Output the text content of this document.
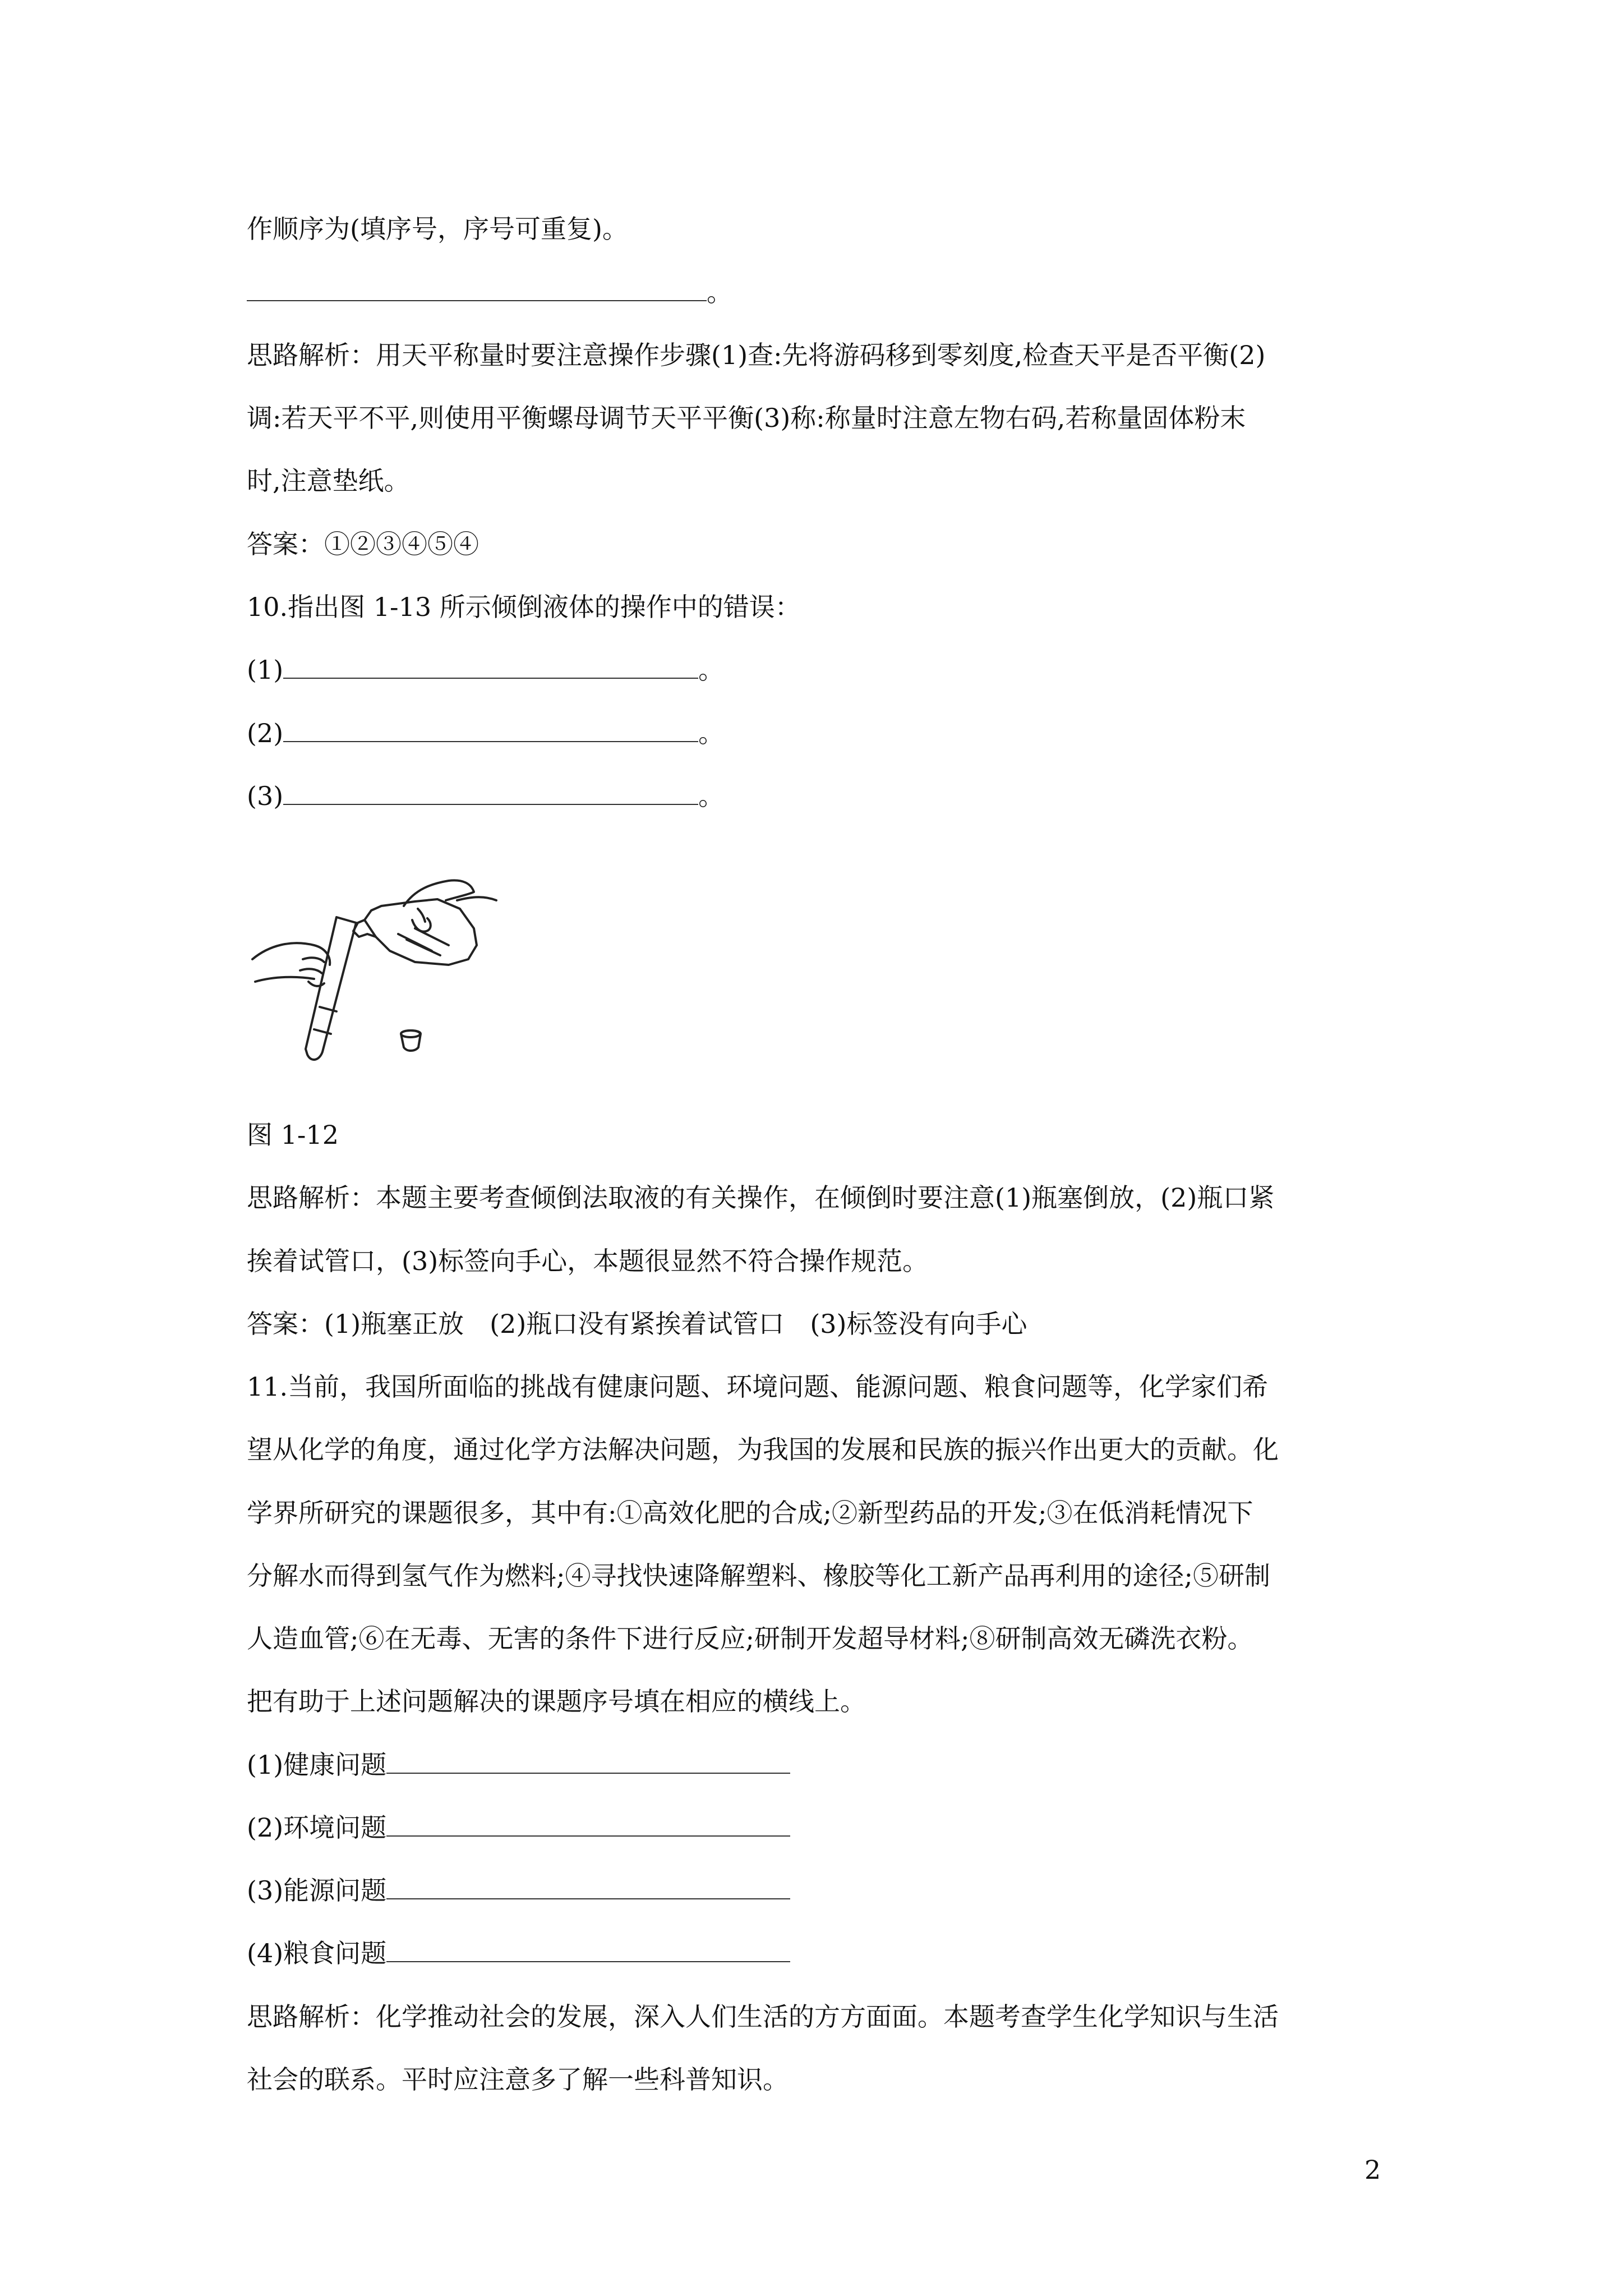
作顺序为(填序号，序号可重复)。
。
思路解析：用天平称量时要注意操作步骤(1)查:先将游码移到零刻度,检查天平是否平衡(2)
调:若天平不平,则使用平衡螺母调节天平平衡(3)称:称量时注意左物右码,若称量固体粉末
时,注意垫纸。
答案：①②③④⑤④
10.指出图 1-13 所示倾倒液体的操作中的错误：
(1)	。
(2)	。
(3)	。
图 1-12
思路解析：本题主要考查倾倒法取液的有关操作，在倾倒时要注意(1)瓶塞倒放，(2)瓶口紧
挨着试管口，(3)标签向手心，本题很显然不符合操作规范。
答案：(1)瓶塞正放　(2)瓶口没有紧挨着试管口　(3)标签没有向手心
11.当前，我国所面临的挑战有健康问题、环境问题、能源问题、粮食问题等，化学家们希
望从化学的角度，通过化学方法解决问题，为我国的发展和民族的振兴作出更大的贡献。化
学界所研究的课题很多，其中有:①高效化肥的合成;②新型药品的开发;③在低消耗情况下
分解水而得到氢气作为燃料;④寻找快速降解塑料、橡胶等化工新产品再利用的途径;⑤研制
人造血管;⑥在无毒、无害的条件下进行反应;研制开发超导材料;⑧研制高效无磷洗衣粉。
把有助于上述问题解决的课题序号填在相应的横线上。
(1)健康问题
(2)环境问题
(3)能源问题
(4)粮食问题
思路解析：化学推动社会的发展，深入人们生活的方方面面。本题考查学生化学知识与生活
社会的联系。平时应注意多了解一些科普知识。
2
